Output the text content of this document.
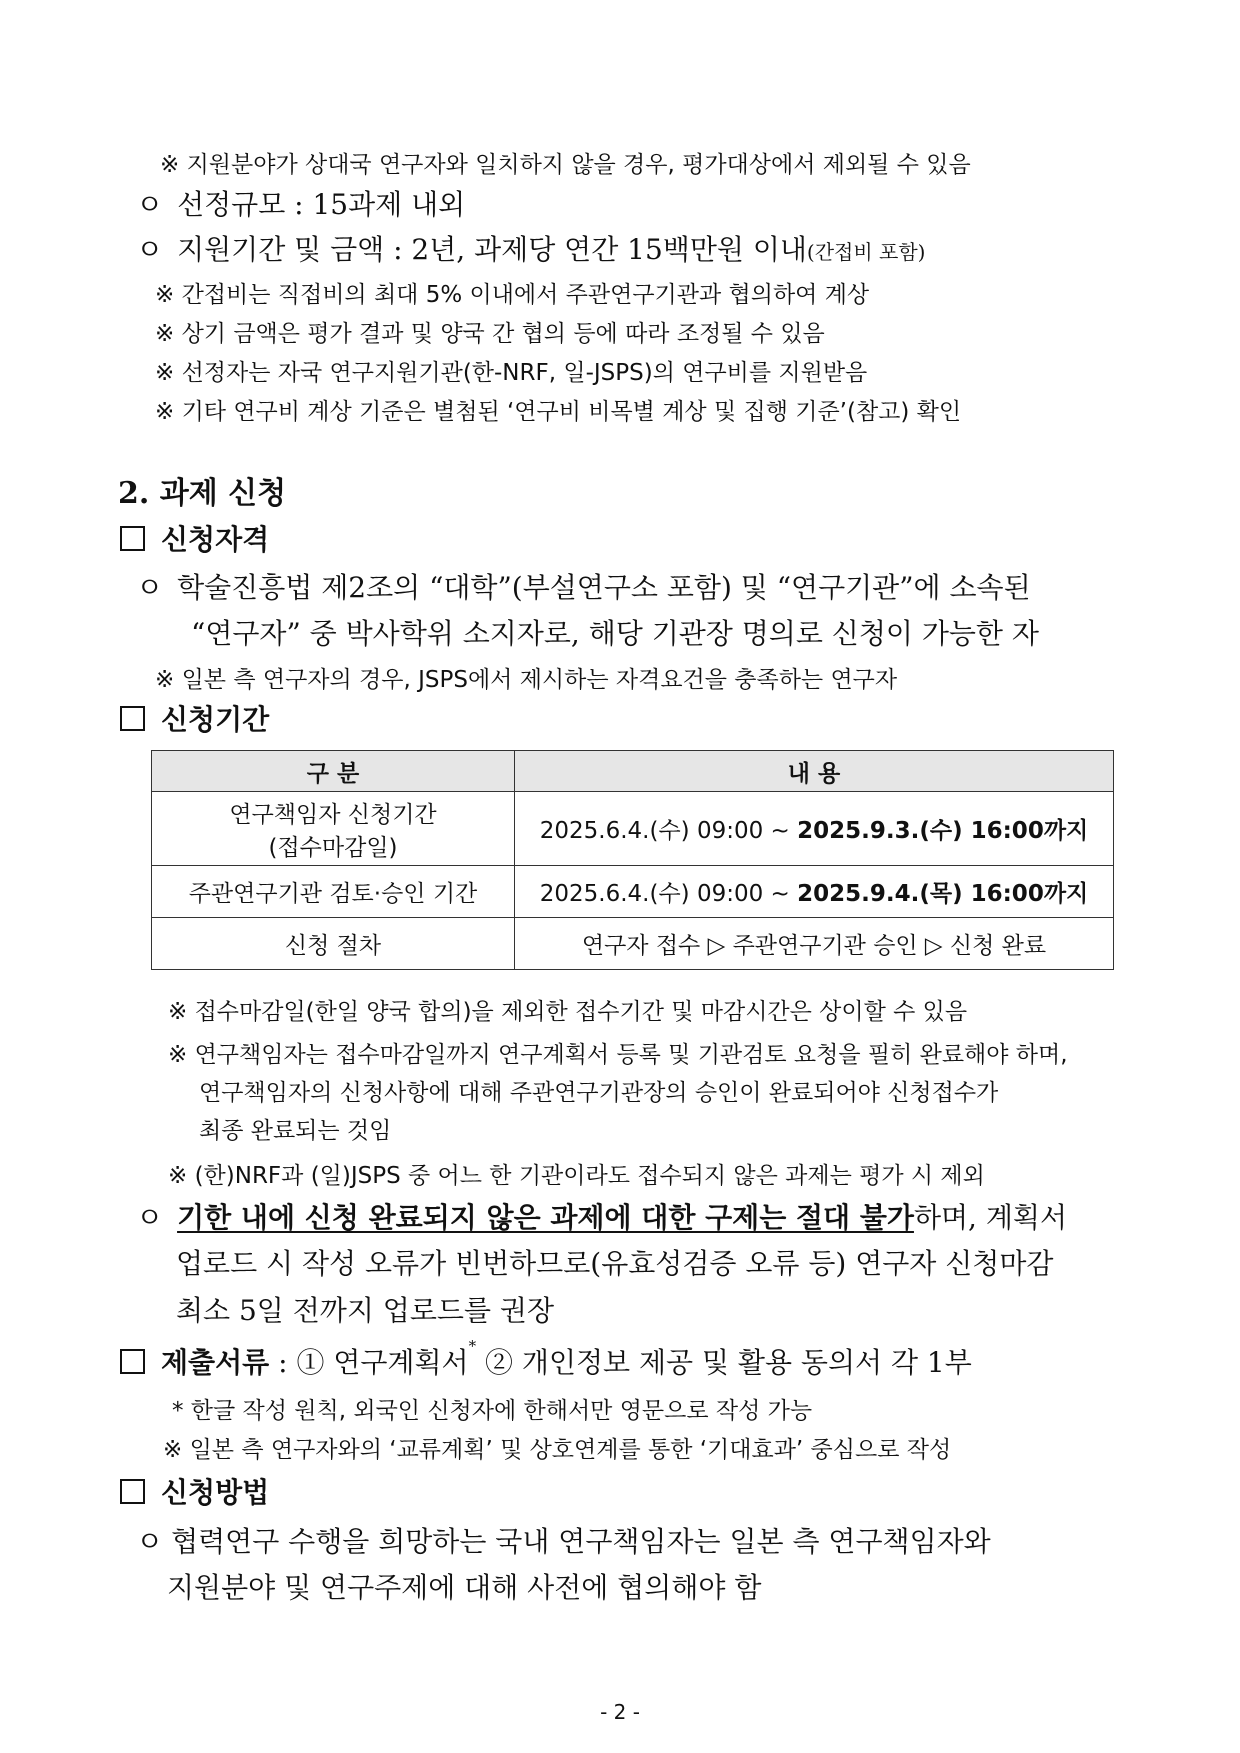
※ 지원분야가 상대국 연구자와 일치하지 않을 경우, 평가대상에서 제외될 수 있음
ㅇ 선정규모 : 15과제 내외
ㅇ 지원기간 및 금액 : 2년, 과제당 연간 15백만원 이내(간접비 포함)
※ 간접비는 직접비의 최대 5% 이내에서 주관연구기관과 협의하여 계상
※ 상기 금액은 평가 결과 및 양국 간 협의 등에 따라 조정될 수 있음
※ 선정자는 자국 연구지원기관(한-NRF, 일-JSPS)의 연구비를 지원받음
※ 기타 연구비 계상 기준은 별첨된 ‘연구비 비목별 계상 및 집행 기준’(참고) 확인
2. 과제 신청
신청자격
ㅇ 학술진흥법 제2조의 “대학”(부설연구소 포함) 및 “연구기관”에 소속된
“연구자” 중 박사학위 소지자로, 해당 기관장 명의로 신청이 가능한 자
※ 일본 측 연구자의 경우, JSPS에서 제시하는 자격요건을 충족하는 연구자
신청기간
구 분	내 용

연구책임자 신청기간
(접수마감일)	2025.6.4.(수) 09:00 ~ 2025.9.3.(수) 16:00까지
주관연구기관 검토·승인 기간	2025.6.4.(수) 09:00 ~ 2025.9.4.(목) 16:00까지
신청 절차	연구자 접수 ▷ 주관연구기관 승인 ▷ 신청 완료
※ 접수마감일(한일 양국 합의)을 제외한 접수기간 및 마감시간은 상이할 수 있음
※ 연구책임자는 접수마감일까지 연구계획서 등록 및 기관검토 요청을 필히 완료해야 하며,
연구책임자의 신청사항에 대해 주관연구기관장의 승인이 완료되어야 신청접수가
최종 완료되는 것임
※ (한)NRF과 (일)JSPS 중 어느 한 기관이라도 접수되지 않은 과제는 평가 시 제외
ㅇ 기한 내에 신청 완료되지 않은 과제에 대한 구제는 절대 불가하며, 계획서
업로드 시 작성 오류가 빈번하므로(유효성검증 오류 등) 연구자 신청마감
최소 5일 전까지 업로드를 권장
제출서류 : ① 연구계획서* ② 개인정보 제공 및 활용 동의서 각 1부
* 한글 작성 원칙, 외국인 신청자에 한해서만 영문으로 작성 가능
※ 일본 측 연구자와의 ‘교류계획’ 및 상호연계를 통한 ‘기대효과’ 중심으로 작성
신청방법
ㅇ 협력연구 수행을 희망하는 국내 연구책임자는 일본 측 연구책임자와
지원분야 및 연구주제에 대해 사전에 협의해야 함
- 2 -
